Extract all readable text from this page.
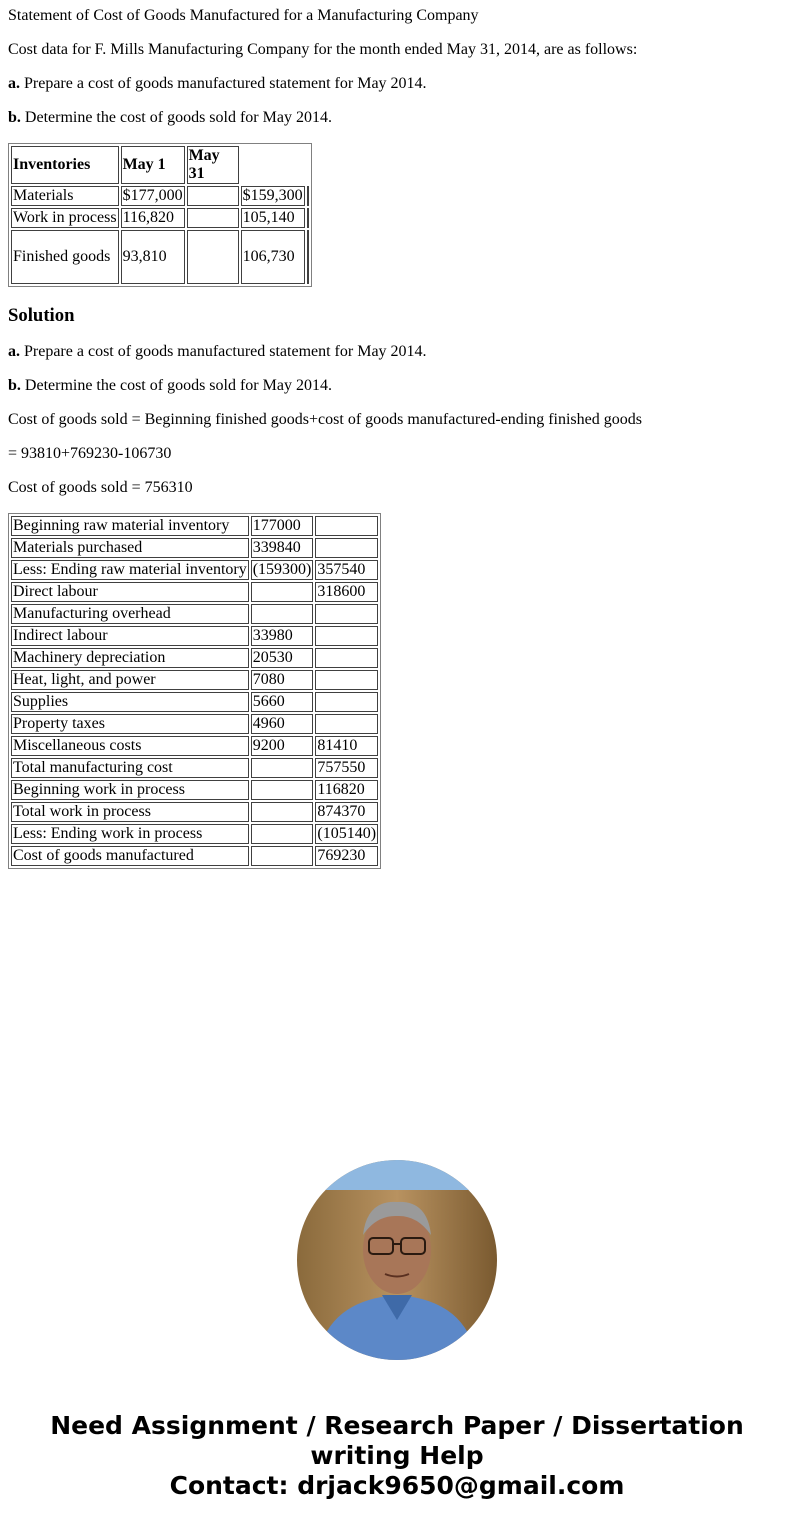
Statement of Cost of Goods Manufactured for a Manufacturing Company

Cost data for F. Mills Manufacturing Company for the month ended May 31, 2014, are as follows:

a. Prepare a cost of goods manufactured statement for May 2014.

b. Determine the cost of goods sold for May 2014.

Inventories	May 1	May 31		
Materials	$177,000		$159,300	
Work in process	116,820		105,140	
Finished goods	93,810		106,730	
Solution

a. Prepare a cost of goods manufactured statement for May 2014.

b. Determine the cost of goods sold for May 2014.

Cost of goods sold = Beginning finished goods+cost of goods manufactured-ending finished goods

= 93810+769230-106730

Cost of goods sold = 756310

Beginning raw material inventory	177000	
Materials purchased	339840	
Less: Ending raw material inventory	(159300)	357540
Direct labour		318600
Manufacturing overhead		
Indirect labour	33980	
Machinery depreciation	20530	
Heat, light, and power	7080	
Supplies	5660	
Property taxes	4960	
Miscellaneous costs	9200	81410
Total manufacturing cost		757550
Beginning work in process		116820
Total work in process		874370
Less: Ending work in process		(105140)
Cost of goods manufactured		769230
Need Assignment / Research Paper / Dissertation writing Help
Contact: drjack9650@gmail.com
